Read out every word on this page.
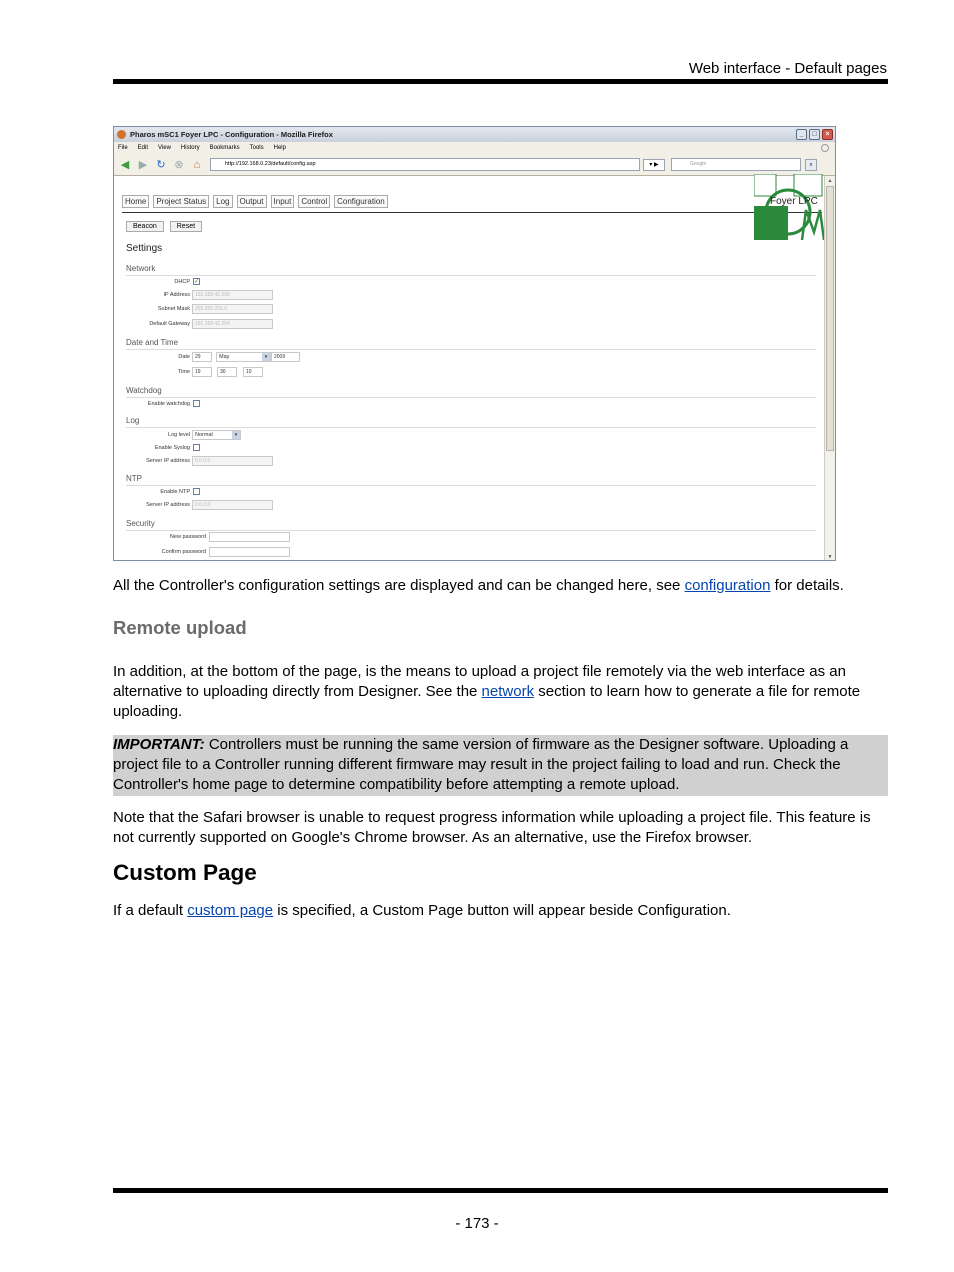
Web interface - Default pages
Pharos mSC1 Foyer LPC - Configuration - Mozilla Firefox	_	□	×
File Edit View History Bookmarks Tools Help
◀ ▶ ↻ ⊗ ⌂	http://192.168.0.23/default/config.asp	▾ ▶	Google	⌕
Home	Project Status	Log	Output	Input	Control	Configuration
Beacon	Reset
Foyer LPC
Settings
Network
DHCP ✓
IP Address	192.168.42.200
Subnet Mask	255.255.255.0
Default Gateway	192.168.42.254
Date and Time
Date	29	May	▾	2009
Time	19	30	10
Watchdog
Enable watchdog
Log
Log level Normal	▾
Enable Syslog
Server IP address	0.0.0.0
NTP
Enable NTP
Server IP address	0.0.0.0
Security
New password
Confirm password
▲
▼

All the Controller's configuration settings are displayed and can be changed here, see configuration for details.

Remote upload

In addition, at the bottom of the page, is the means to upload a project file remotely via the web interface as an alternative to uploading directly from Designer. See the network section to learn how to generate a file for remote uploading.

IMPORTANT: Controllers must be running the same version of firmware as the Designer software. Uploading a project file to a Controller running different firmware may result in the project failing to load and run. Check the Controller's home page to determine compatibility before attempting a remote upload.

Note that the Safari browser is unable to request progress information while uploading a project file. This feature is not currently supported on Google's Chrome browser. As an alternative, use the Firefox browser.

Custom Page

If a default custom page is specified, a Custom Page button will appear beside Configuration.

- 173 -
